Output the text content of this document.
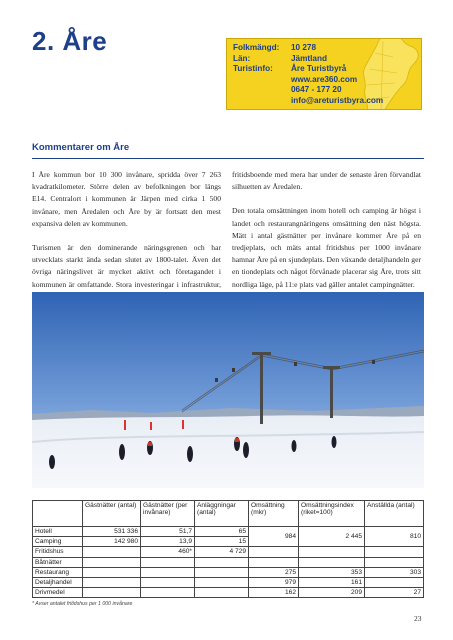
2. Åre	Folkmängd:	10 278
Län:	Jämtland
Turistinfo:	Åre Turistbyrå
www.are360.com
0647 - 177 20
info@areturistbyra.com
Kommentarer om Åre

I Åre kommun bor 10 300 invånare, spridda över 7 263 kvadratkilometer. Större delen av befolkningen bor längs E14. Centralort i kommunen är Järpen med cirka 1 500 invånare, men Åredalen och Åre by är fortsatt den mest expansiva delen av kommunen.

Turismen är den dominerande näringsgrenen och har utvecklats starkt ända sedan slutet av 1800-talet. Även det övriga näringslivet är mycket aktivt och företagandet i kommunen är omfattande. Stora investeringar i infrastruktur,

fritidsboende med mera har under de senaste åren förvandlat silhuetten av Åredalen.

Den totala omsättningen inom hotell och camping är högst i landet och restaurangnäringens omsättning den näst högsta. Mätt i antal gästnätter per invånare kommer Åre på en tredjeplats, och mäts antal fritidshus per 1000 invånare hamnar Åre på en sjundeplats. Den växande detaljhandeln ger en tiondeplats och något förvånade placerar sig Åre, trots sitt nordliga läge, på 11:e plats vad gäller antalet campingnätter.

	Gästnätter (antal)	Gästnätter (per invånare)	Anläggningar (antal)	Omsättning (mkr)	Omsättningsindex (riket=100)	Anställda (antal)
Hotell	531 336	51,7	65	984	2 445	810
Camping	142 980	13,9	15			
Fritidshus		460*	4 729			
Båtnätter						
Restaurang				275	353	303
Detaljhandel				979	161	
Drivmedel				162	209	27
* Avser antalet fritidshus per 1 000 invånare
23
